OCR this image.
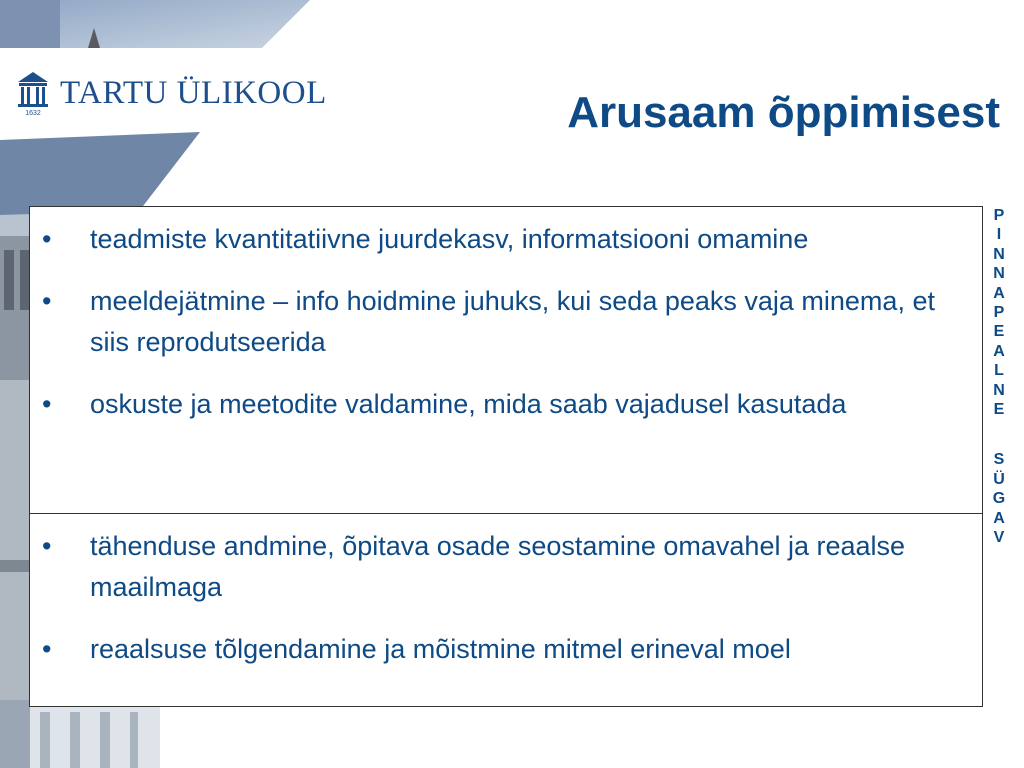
1632
TARTU ÜLIKOOL	Arusaam õppimisest
• teadmiste kvantitatiivne juurdekasv, informatsiooni omamine
• meeldejätmine – info hoidmine juhuks, kui seda peaks vaja minema, et siis reprodutseerida
• oskuste ja meetodite valdamine, mida saab vajadusel kasutada
• tähenduse andmine, õpitava osade seostamine omavahel ja reaalse maailmaga
• reaalsuse tõlgendamine ja mõistmine mitmel erineval moel
P
I
N
N
A
P
E
A
L
N
E
S
Ü
G
A
V
